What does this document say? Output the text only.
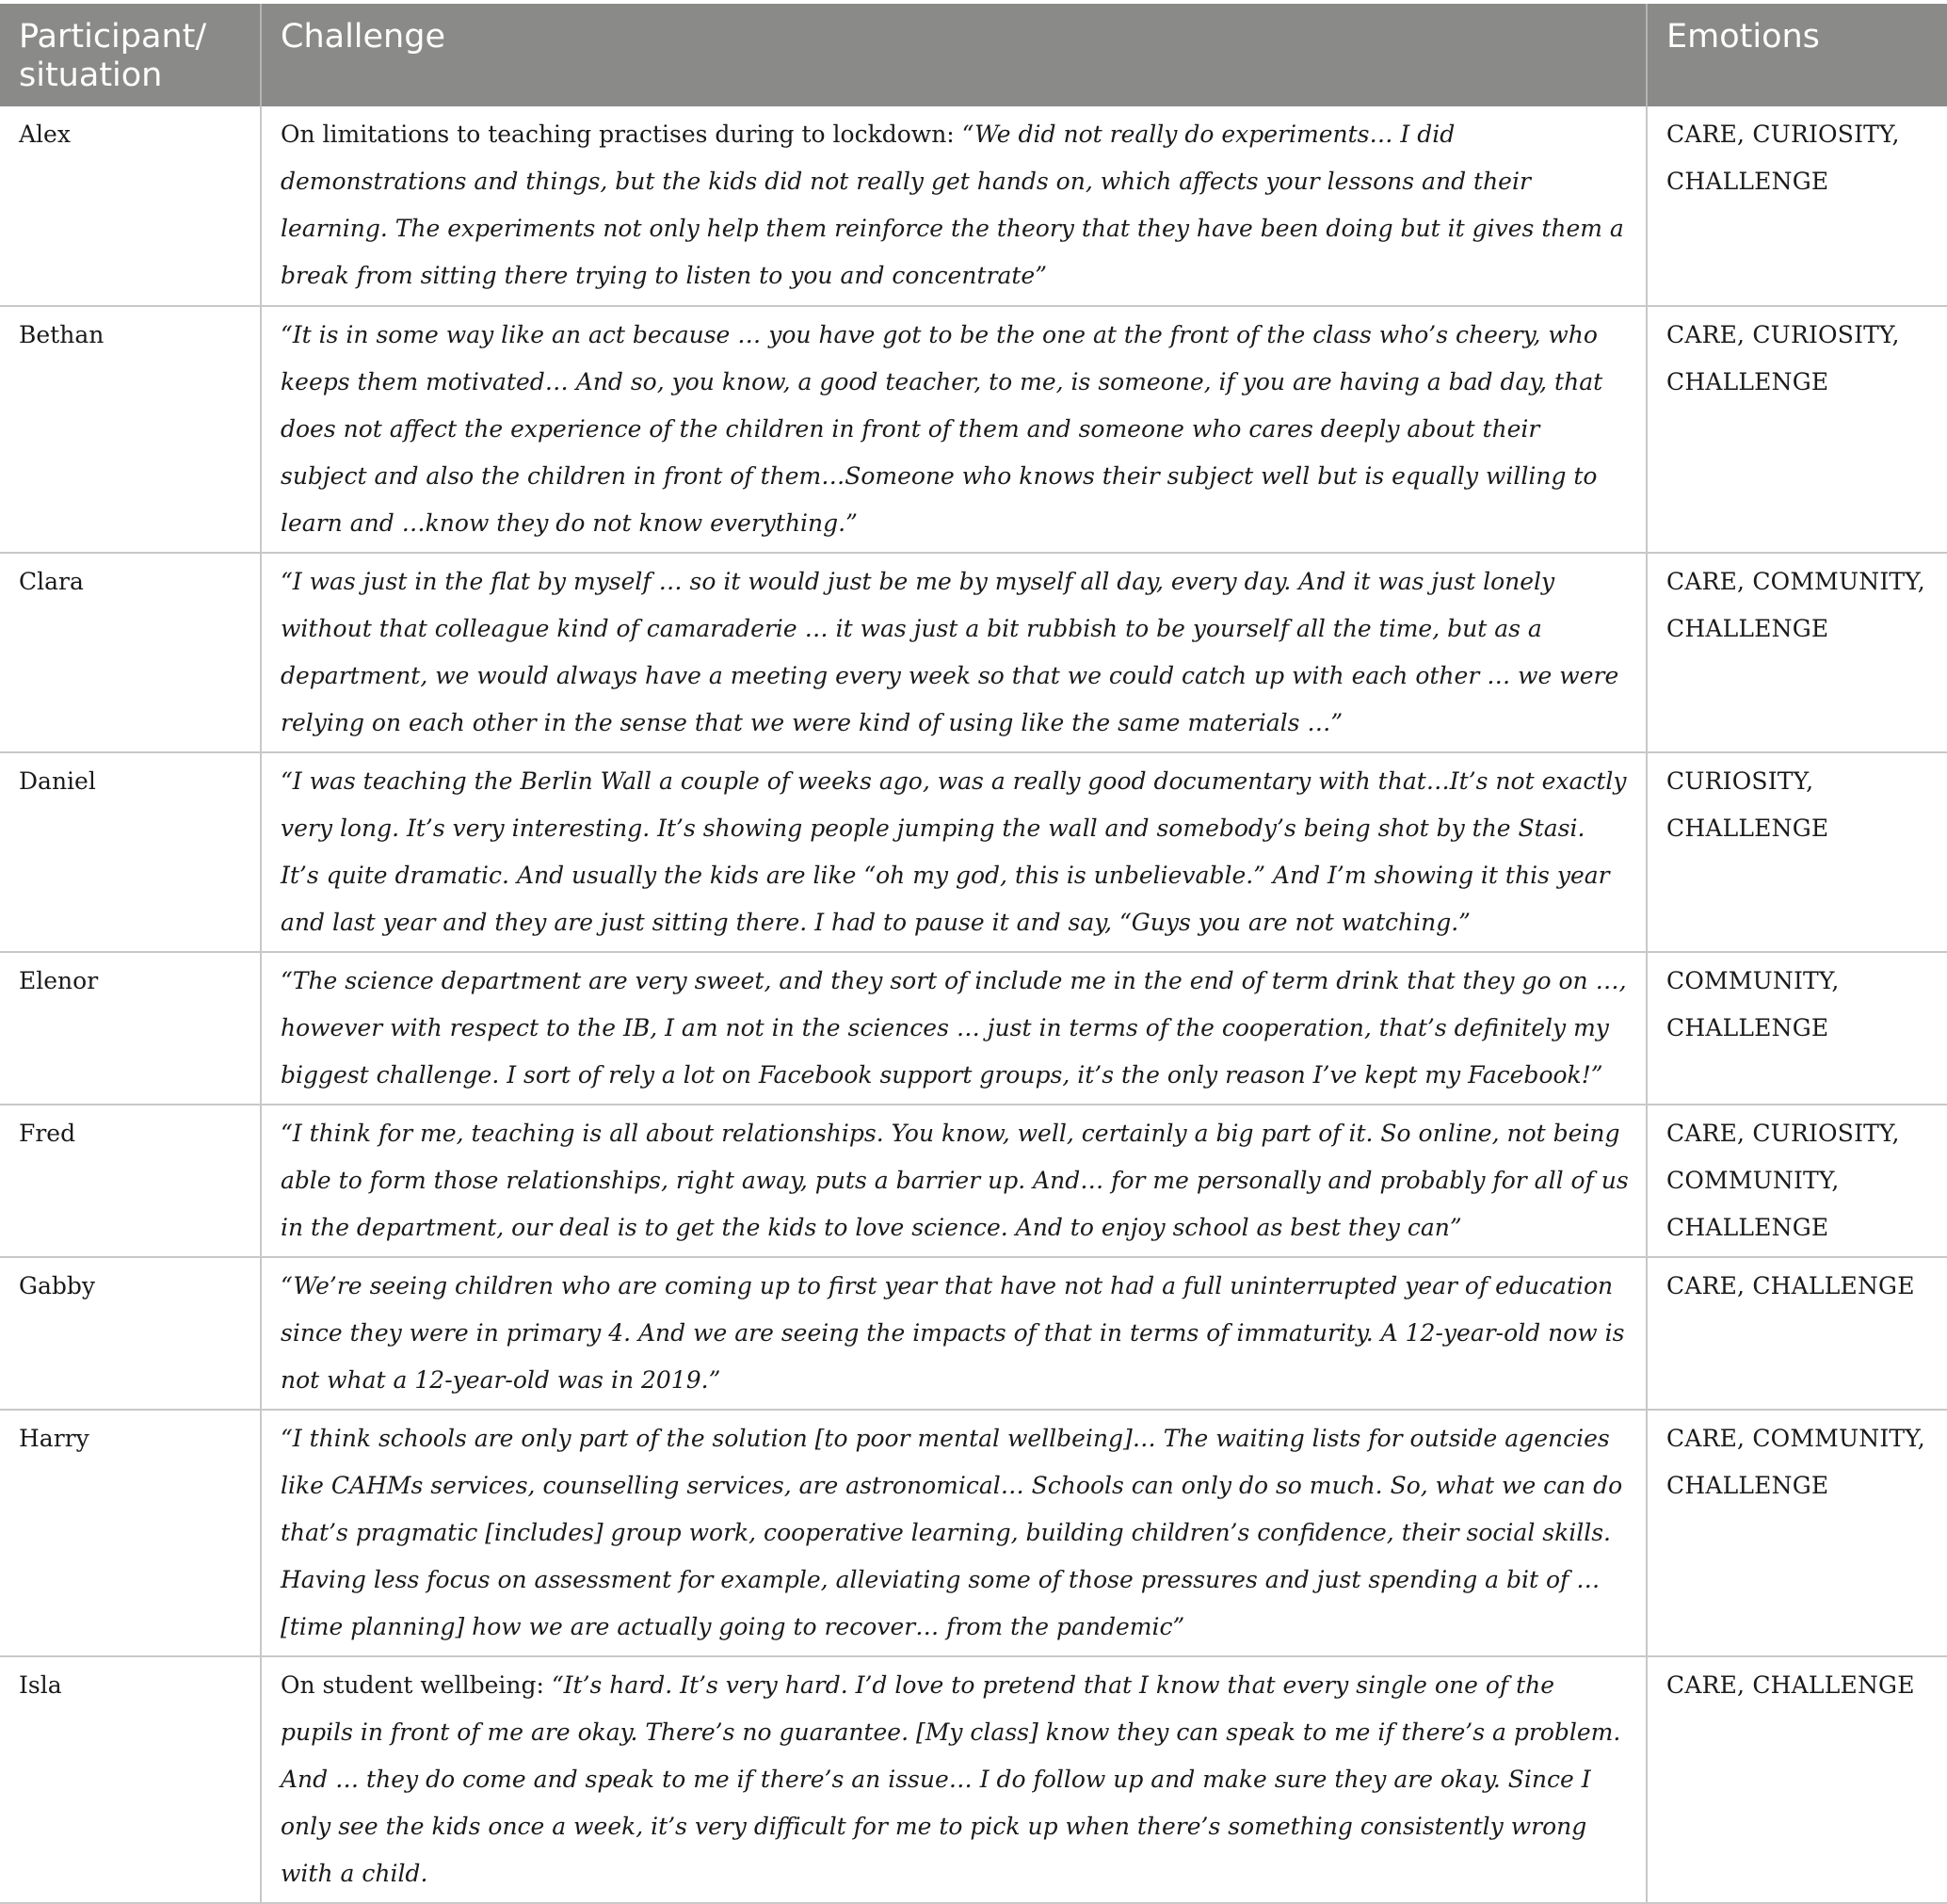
Participant/ situation	Challenge	Emotions
Alex	On limitations to teaching practises during to lockdown: “We did not really do experiments… I did demonstrations and things, but the kids did not really get hands on, which affects your lessons and their learning. The experiments not only help them reinforce the theory that they have been doing but it gives them a break from sitting there trying to listen to you and concentrate”	CARE, CURIOSITY, CHALLENGE
Bethan	“It is in some way like an act because … you have got to be the one at the front of the class who’s cheery, who keeps them motivated… And so, you know, a good teacher, to me, is someone, if you are having a bad day, that does not affect the experience of the children in front of them and someone who cares deeply about their subject and also the children in front of them…Someone who knows their subject well but is equally willing to learn and …know they do not know everything.”	CARE, CURIOSITY, CHALLENGE
Clara	“I was just in the flat by myself … so it would just be me by myself all day, every day. And it was just lonely without that colleague kind of camaraderie … it was just a bit rubbish to be yourself all the time, but as a department, we would always have a meeting every week so that we could catch up with each other … we were relying on each other in the sense that we were kind of using like the same materials …”	CARE, COMMUNITY, CHALLENGE
Daniel	“I was teaching the Berlin Wall a couple of weeks ago, was a really good documentary with that…It’s not exactly very long. It’s very interesting. It’s showing people jumping the wall and somebody’s being shot by the Stasi. It’s quite dramatic. And usually the kids are like “oh my god, this is unbelievable.” And I’m showing it this year and last year and they are just sitting there. I had to pause it and say, “Guys you are not watching.”	CURIOSITY, CHALLENGE
Elenor	“The science department are very sweet, and they sort of include me in the end of term drink that they go on …, however with respect to the IB, I am not in the sciences … just in terms of the cooperation, that’s definitely my biggest challenge. I sort of rely a lot on Facebook support groups, it’s the only reason I’ve kept my Facebook!”	COMMUNITY, CHALLENGE
Fred	“I think for me, teaching is all about relationships. You know, well, certainly a big part of it. So online, not being able to form those relationships, right away, puts a barrier up. And… for me personally and probably for all of us in the department, our deal is to get the kids to love science. And to enjoy school as best they can”	CARE, CURIOSITY, COMMUNITY, CHALLENGE
Gabby	“We’re seeing children who are coming up to first year that have not had a full uninterrupted year of education since they were in primary 4. And we are seeing the impacts of that in terms of immaturity. A 12-year-old now is not what a 12-year-old was in 2019.”	CARE, CHALLENGE
Harry	“I think schools are only part of the solution [to poor mental wellbeing]… The waiting lists for outside agencies like CAHMs services, counselling services, are astronomical… Schools can only do so much. So, what we can do that’s pragmatic [includes] group work, cooperative learning, building children’s confidence, their social skills. Having less focus on assessment for example, alleviating some of those pressures and just spending a bit of …[time planning] how we are actually going to recover… from the pandemic”	CARE, COMMUNITY, CHALLENGE
Isla	On student wellbeing: “It’s hard. It’s very hard. I’d love to pretend that I know that every single one of the pupils in front of me are okay. There’s no guarantee. [My class] know they can speak to me if there’s a problem. And … they do come and speak to me if there’s an issue… I do follow up and make sure they are okay. Since I only see the kids once a week, it’s very difficult for me to pick up when there’s something consistently wrong with a child.	CARE, CHALLENGE
